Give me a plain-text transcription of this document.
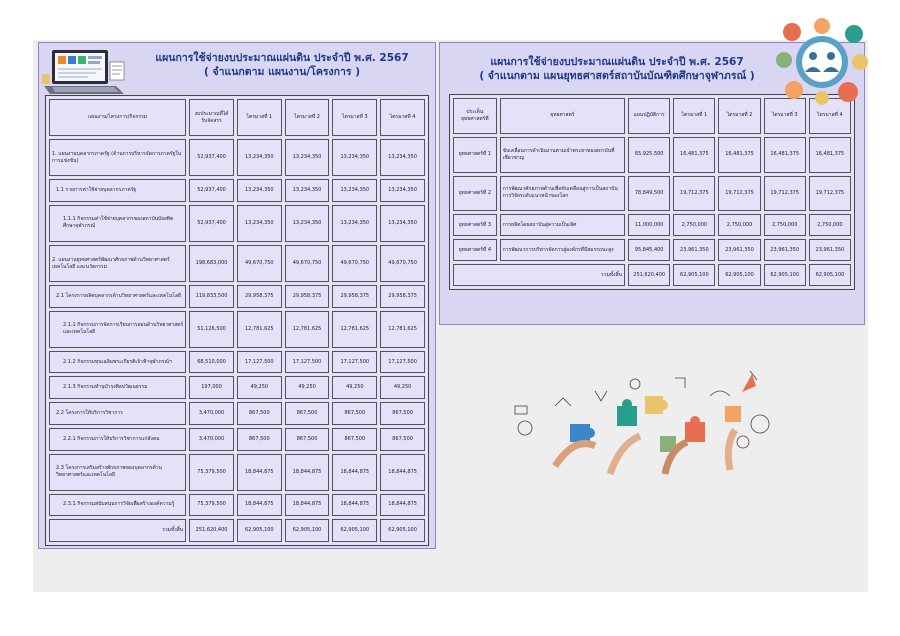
แผนการใช้จ่ายงบประมาณแผ่นดิน ประจำปี พ.ศ. 2567
( จำแนกตาม แผนงาน/โครงการ )
แผนงาน/โครงการ/กิจกรรม	งบประมาณที่ได้รับจัดสรร	ไตรมาสที่ 1	ไตรมาสที่ 2	ไตรมาสที่ 3	ไตรมาสที่ 4
1. แผนงานบุคลากรภาครัฐ (ด้านการบริหารจัดการภาครัฐในการแข่งขัน)	52,937,400	13,234,350	13,234,350	13,234,350	13,234,350
1.1 รายการค่าใช้จ่ายบุคลากรภาครัฐ	52,937,400	13,234,350	13,234,350	13,234,350	13,234,350
1.1.1 กิจกรรมค่าใช้จ่ายบุคลากรของสถาบันบัณฑิตศึกษาจุฬาภรณ์	52,937,400	13,234,350	13,234,350	13,234,350	13,234,350
2. แผนงานยุทธศาสตร์พัฒนาศักยภาพด้านวิทยาศาสตร์ เทคโนโลยี และนวัตกรรม	198,683,000	49,670,750	49,670,750	49,670,750	49,670,750
2.1 โครงการผลิตบุคลากรด้านวิทยาศาสตร์และเทคโนโลยี	119,833,500	29,958,375	29,958,375	29,958,375	29,958,375
2.1.1 กิจกรรมการจัดการเรียนการสอนด้านวิทยาศาสตร์และเทคโนโลยี	51,126,500	12,781,625	12,781,625	12,781,625	12,781,625
2.1.2 กิจกรรมทุนเฉลิมพระเกียรติเจ้าฟ้าจุฬาภรณ์ฯ	68,510,000	17,127,500	17,127,500	17,127,500	17,127,500
2.1.3 กิจกรรมทำนุบำรุงศิลปวัฒนธรรม	197,000	49,250	49,250	49,250	49,250
2.2 โครงการให้บริการวิชาการ	3,470,000	867,500	867,500	867,500	867,500
2.2.1 กิจกรรมการให้บริการวิชาการแก่สังคม	3,470,000	867,500	867,500	867,500	867,500
2.3 โครงการเสริมสร้างศักยภาพของบุคลากรด้านวิทยาศาสตร์และเทคโนโลยี	75,379,500	18,844,875	18,844,875	18,844,875	18,844,875
2.3.1 กิจกรรมสนับสนุนการวิจัยเพื่อสร้างองค์ความรู้	75,379,500	18,844,875	18,844,875	18,844,875	18,844,875
รวมทั้งสิ้น	251,620,400	62,905,100	62,905,100	62,905,100	62,905,100
แผนการใช้จ่ายงบประมาณแผ่นดิน ประจำปี พ.ศ. 2567
( จำแนกตาม แผนยุทธศาสตร์สถาบันบัณฑิตศึกษาจุฬาภรณ์ )
ประเด็นยุทธศาสตร์ที่	ยุทธศาสตร์	แผนปฏิบัติการ	ไตรมาสที่ 1	ไตรมาสที่ 2	ไตรมาสที่ 3	ไตรมาสที่ 4
ยุทธศาสตร์ที่ 1	ขับเคลื่อนการดำเนินงานตามเจ้าพระยาของสถาบันที่เชี่ยวชาญ	65,925,500	16,481,375	16,481,375	16,481,375	16,481,375
ยุทธศาสตร์ที่ 2	การพัฒนาศักยภาพด้านเพื่อขับเคลื่อนสู่การเป็นสถาบันการวิจัยระดับแนวหน้าของโลก	78,849,500	19,712,375	19,712,375	19,712,375	19,712,375
ยุทธศาสตร์ที่ 3	การผลิตโดยสถาบันสู่ความเป็นเลิศ	11,000,000	2,750,000	2,750,000	2,750,000	2,750,000
ยุทธศาสตร์ที่ 4	การพัฒนาการบริหารจัดการสู่องค์กรที่มีสมรรถนะสูง	95,845,400	23,961,350	23,961,350	23,961,350	23,961,350
รวมทั้งสิ้น		251,620,400	62,905,100	62,905,100	62,905,100	62,905,100
